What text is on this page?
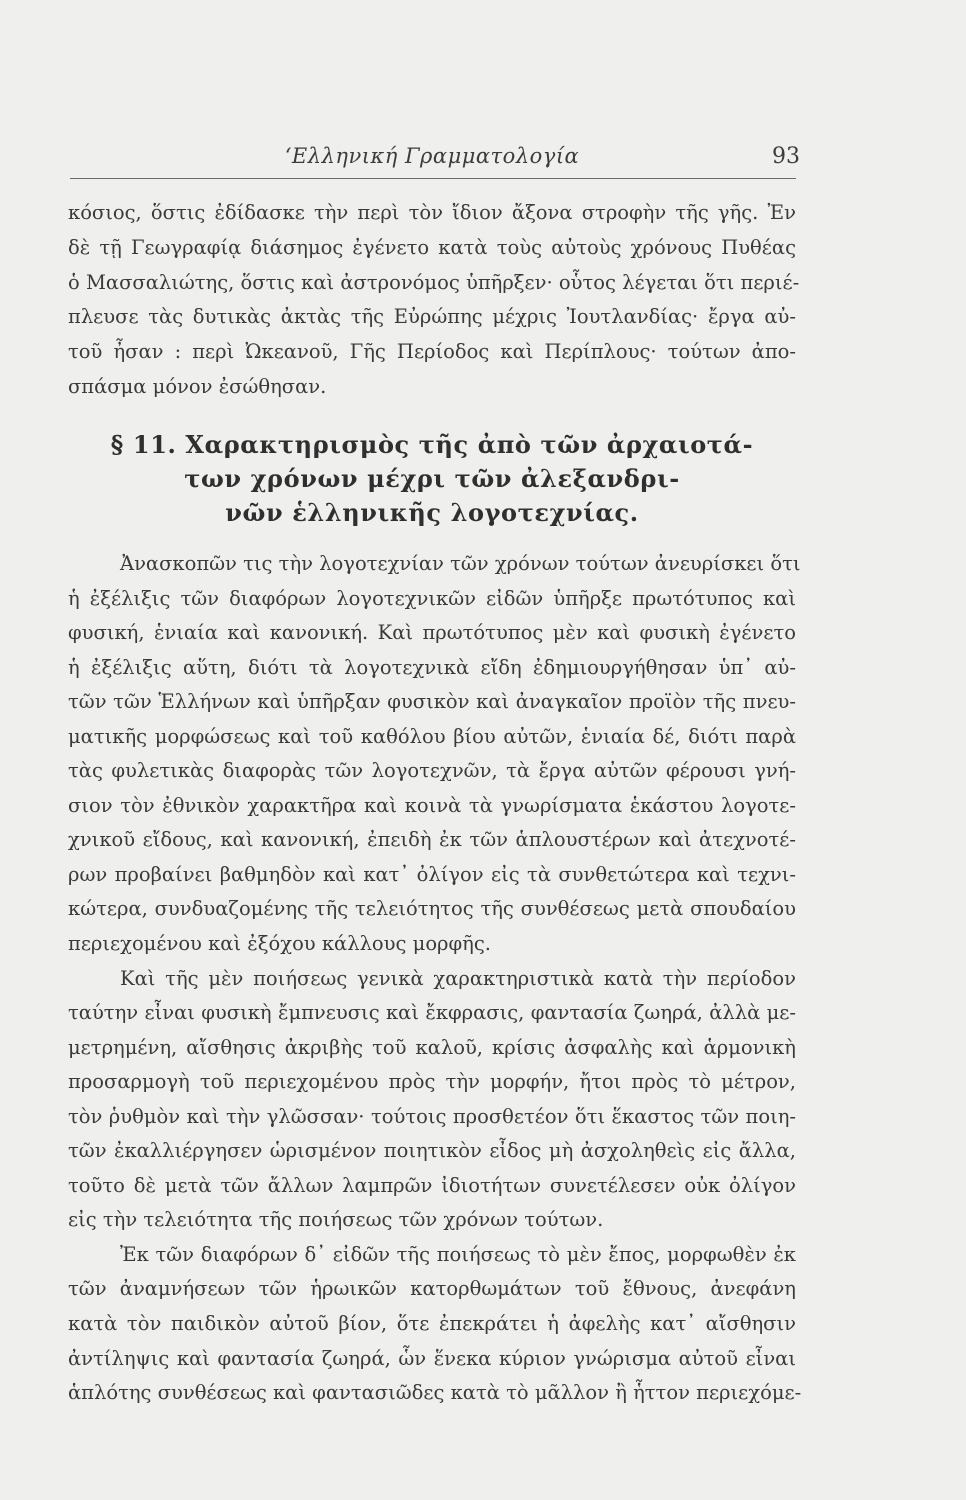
‘Ελληνική Γραμματολογία	93
κόσιος, ὅστις ἐδίδασκε τὴν περὶ τὸν ἴδιον ἄξονα στροφὴν τῆς γῆς. Ἐν
δὲ τῇ Γεωγραφίᾳ διάσημος ἐγένετο κατὰ τοὺς αὐτοὺς χρόνους Πυθέας
ὁ Μασσαλιώτης, ὅστις καὶ ἀστρονόμος ὑπῆρξεν· οὗτος λέγεται ὅτι περιέ-
πλευσε τὰς δυτικὰς ἀκτὰς τῆς Εὐρώπης μέχρις Ἰουτλανδίας· ἔργα αὐ-
τοῦ ἦσαν : περὶ Ὠκεανοῦ, Γῆς Περίοδος καὶ Περίπλους· τούτων ἀπο-
σπάσμα μόνον ἐσώθησαν.
§ 11. Χαρακτηρισμὸς τῆς ἀπὸ τῶν ἀρχαιοτά-
των χρόνων μέχρι τῶν ἀλεξανδρι-
νῶν ἑλληνικῆς λογοτεχνίας.
Ἀνασκοπῶν τις τὴν λογοτεχνίαν τῶν χρόνων τούτων ἀνευρίσκει ὅτι
ἡ ἐξέλιξις τῶν διαφόρων λογοτεχνικῶν εἰδῶν ὑπῆρξε πρωτότυπος καὶ
φυσική, ἑνιαία καὶ κανονική. Καὶ πρωτότυπος μὲν καὶ φυσικὴ ἐγένετο
ἡ ἐξέλιξις αὕτη, διότι τὰ λογοτεχνικὰ εἴδη ἐδημιουργήθησαν ὑπ᾽ αὐ-
τῶν τῶν Ἑλλήνων καὶ ὑπῆρξαν φυσικὸν καὶ ἀναγκαῖον προϊὸν τῆς πνευ-
ματικῆς μορφώσεως καὶ τοῦ καθόλου βίου αὐτῶν, ἑνιαία δέ, διότι παρὰ
τὰς φυλετικὰς διαφορὰς τῶν λογοτεχνῶν, τὰ ἔργα αὐτῶν φέρουσι γνή-
σιον τὸν ἐθνικὸν χαρακτῆρα καὶ κοινὰ τὰ γνωρίσματα ἑκάστου λογοτε-
χνικοῦ εἴδους, καὶ κανονική, ἐπειδὴ ἐκ τῶν ἁπλουστέρων καὶ ἀτεχνοτέ-
ρων προβαίνει βαθμηδὸν καὶ κατ᾽ ὀλίγον εἰς τὰ συνθετώτερα καὶ τεχνι-
κώτερα, συνδυαζομένης τῆς τελειότητος τῆς συνθέσεως μετὰ σπουδαίου
περιεχομένου καὶ ἐξόχου κάλλους μορφῆς.
Καὶ τῆς μὲν ποιήσεως γενικὰ χαρακτηριστικὰ κατὰ τὴν περίοδον
ταύτην εἶναι φυσικὴ ἔμπνευσις καὶ ἔκφρασις, φαντασία ζωηρά, ἀλλὰ με-
μετρημένη, αἴσθησις ἀκριβὴς τοῦ καλοῦ, κρίσις ἀσφαλὴς καὶ ἁρμονικὴ
προσαρμογὴ τοῦ περιεχομένου πρὸς τὴν μορφήν, ἤτοι πρὸς τὸ μέτρον,
τὸν ῥυθμὸν καὶ τὴν γλῶσσαν· τούτοις προσθετέον ὅτι ἕκαστος τῶν ποιη-
τῶν ἐκαλλιέργησεν ὡρισμένον ποιητικὸν εἶδος μὴ ἀσχοληθεὶς εἰς ἄλλα,
τοῦτο δὲ μετὰ τῶν ἄλλων λαμπρῶν ἰδιοτήτων συνετέλεσεν οὐκ ὀλίγον
εἰς τὴν τελειότητα τῆς ποιήσεως τῶν χρόνων τούτων.
Ἐκ τῶν διαφόρων δ᾽ εἰδῶν τῆς ποιήσεως τὸ μὲν ἔπος, μορφωθὲν ἐκ
τῶν ἀναμνήσεων τῶν ἡρωικῶν κατορθωμάτων τοῦ ἔθνους, ἀνεφάνη
κατὰ τὸν παιδικὸν αὐτοῦ βίον, ὅτε ἐπεκράτει ἡ ἀφελὴς κατ᾽ αἴσθησιν
ἀντίληψις καὶ φαντασία ζωηρά, ὧν ἕνεκα κύριον γνώρισμα αὐτοῦ εἶναι
ἁπλότης συνθέσεως καὶ φαντασιῶδες κατὰ τὸ μᾶλλον ἢ ἧττον περιεχόμε-
